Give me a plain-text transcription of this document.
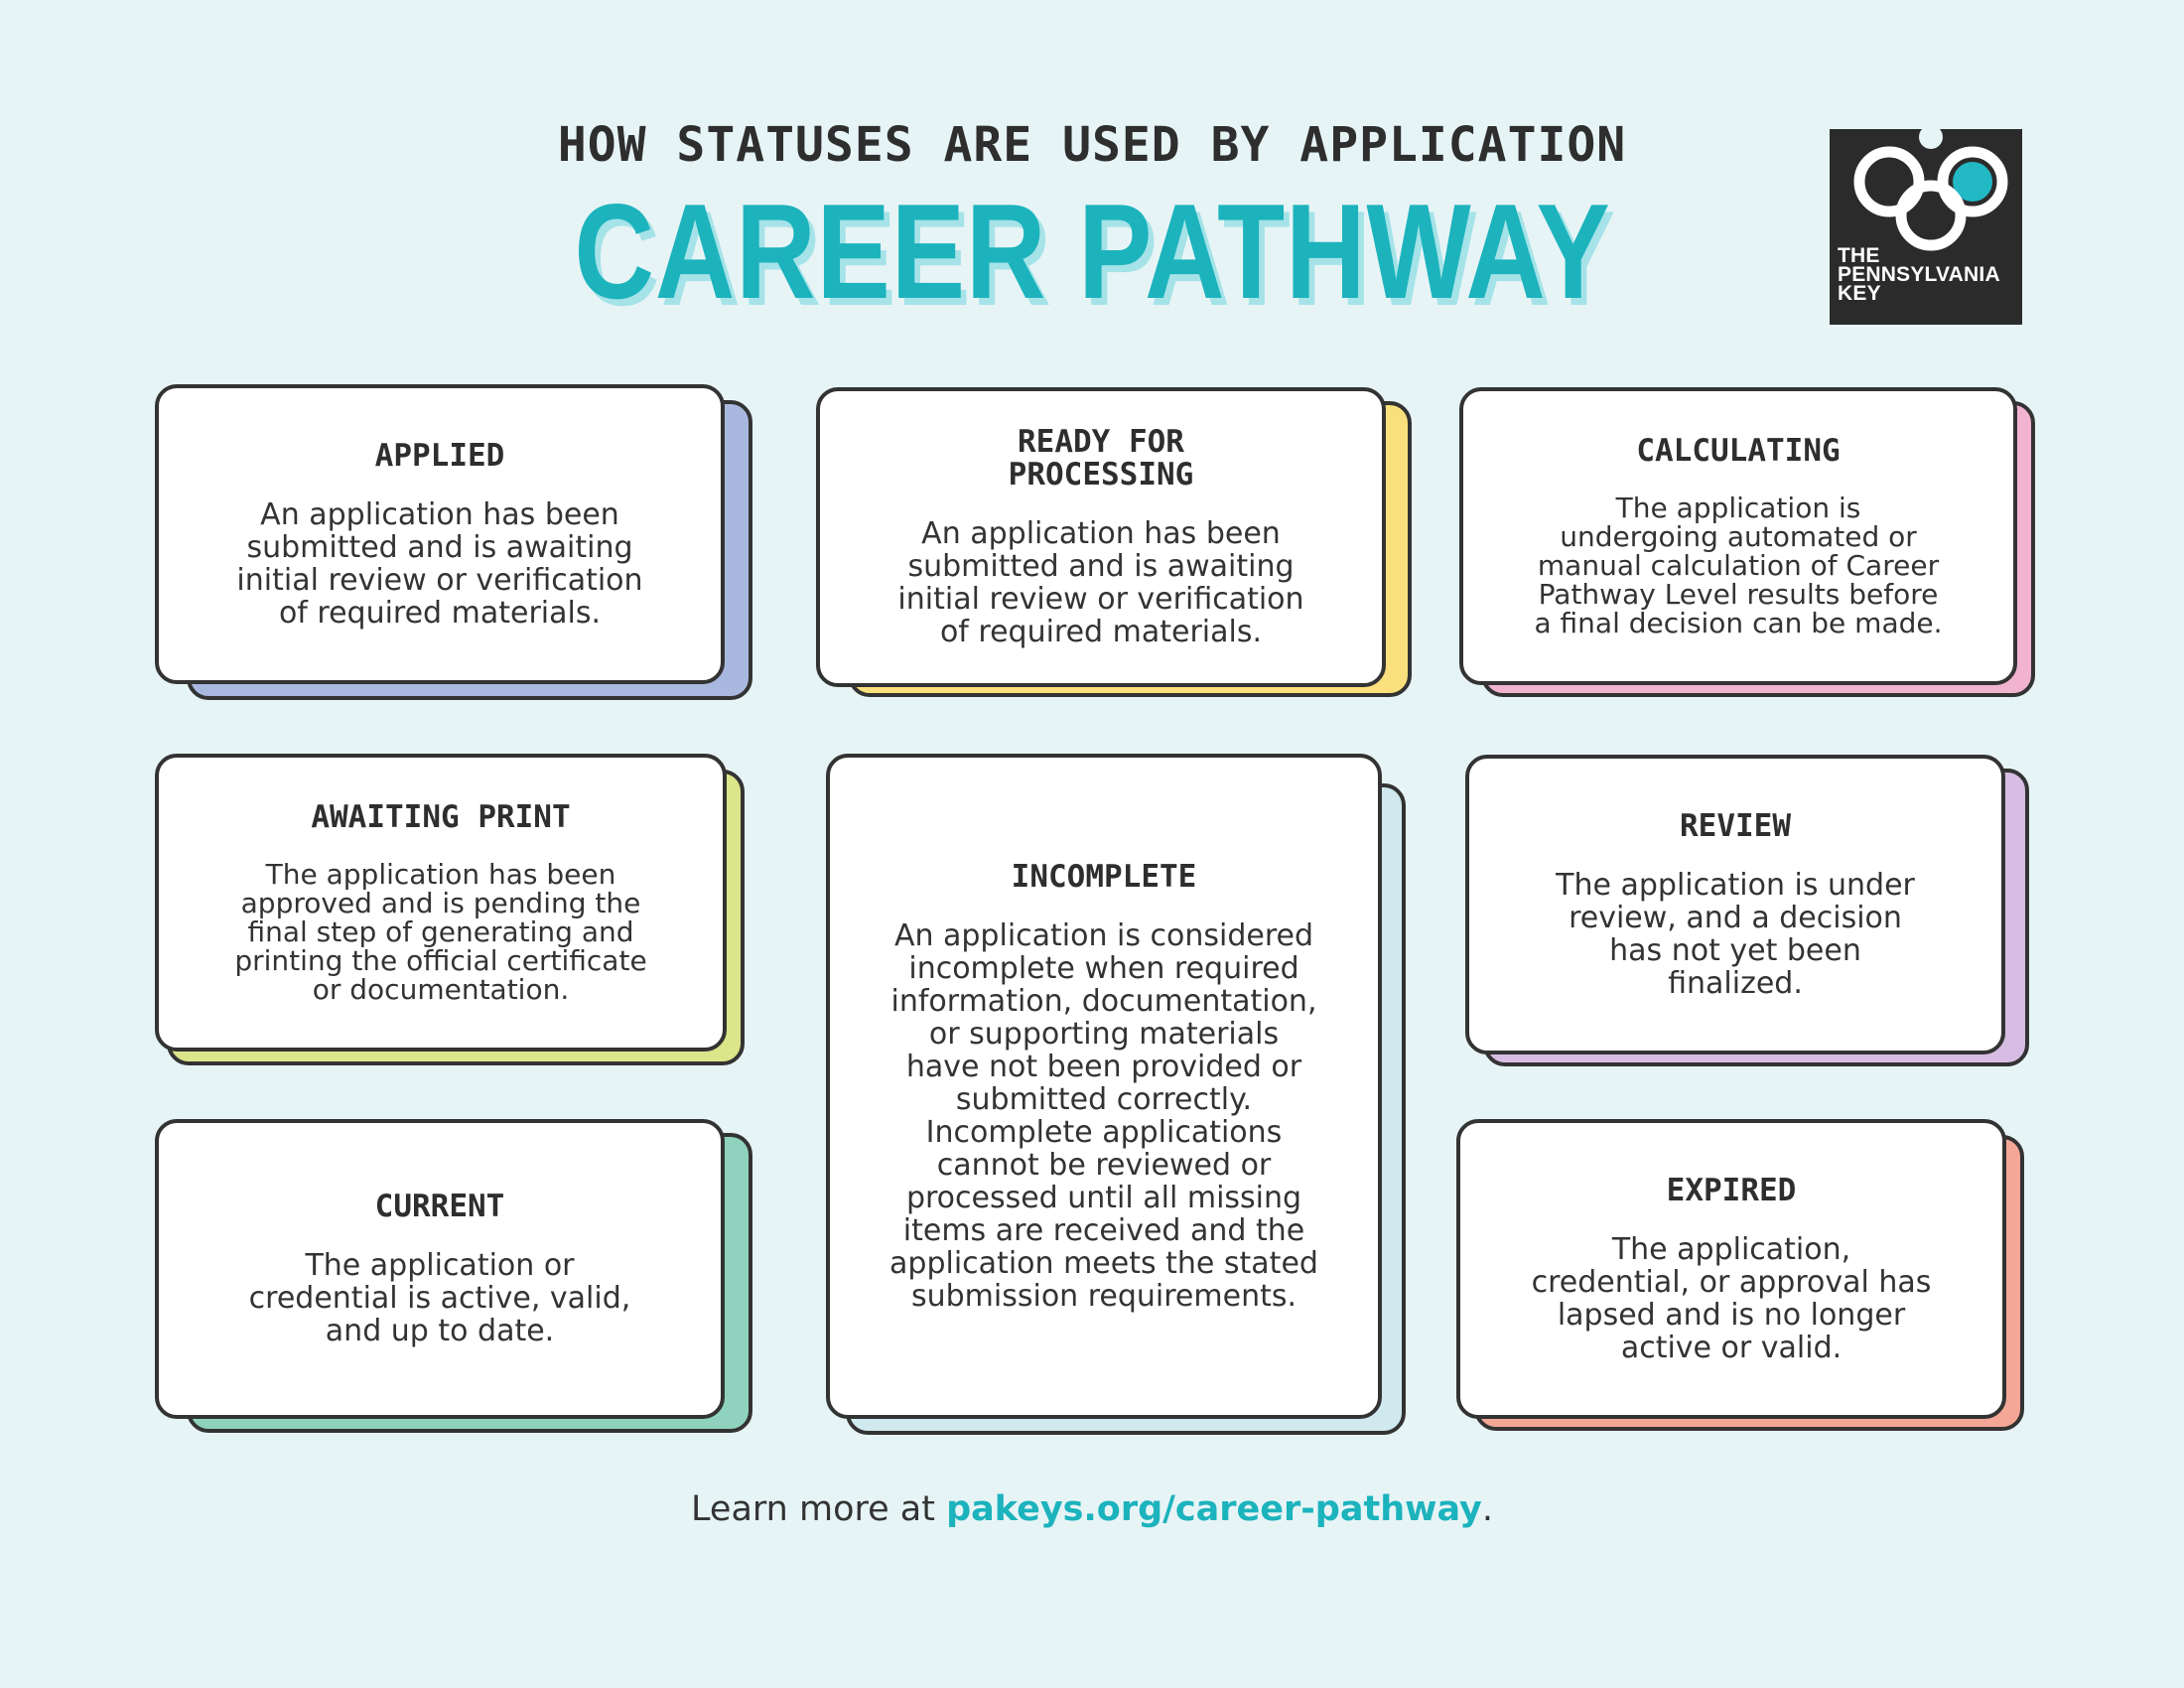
HOW STATUSES ARE USED BY APPLICATION
CAREER PATHWAY	THE
PENNSYLVANIA
KEY
APPLIED
An application has been submitted and is awaiting initial review or verification of required materials.
READY FOR PROCESSING
An application has been submitted and is awaiting initial review or verification of required materials.
CALCULATING
The application is undergoing automated or manual calculation of Career Pathway Level results before a final decision can be made.
AWAITING PRINT
The application has been approved and is pending the final step of generating and printing the official certificate or documentation.
INCOMPLETE
An application is considered incomplete when required information, documentation, or supporting materials have not been provided or submitted correctly. Incomplete applications cannot be reviewed or processed until all missing items are received and the application meets the stated submission requirements.
REVIEW
The application is under review, and a decision has not yet been finalized.
CURRENT
The application or credential is active, valid, and up to date.
EXPIRED
The application, credential, or approval has lapsed and is no longer active or valid.
Learn more at pakeys.org/career-pathway.
